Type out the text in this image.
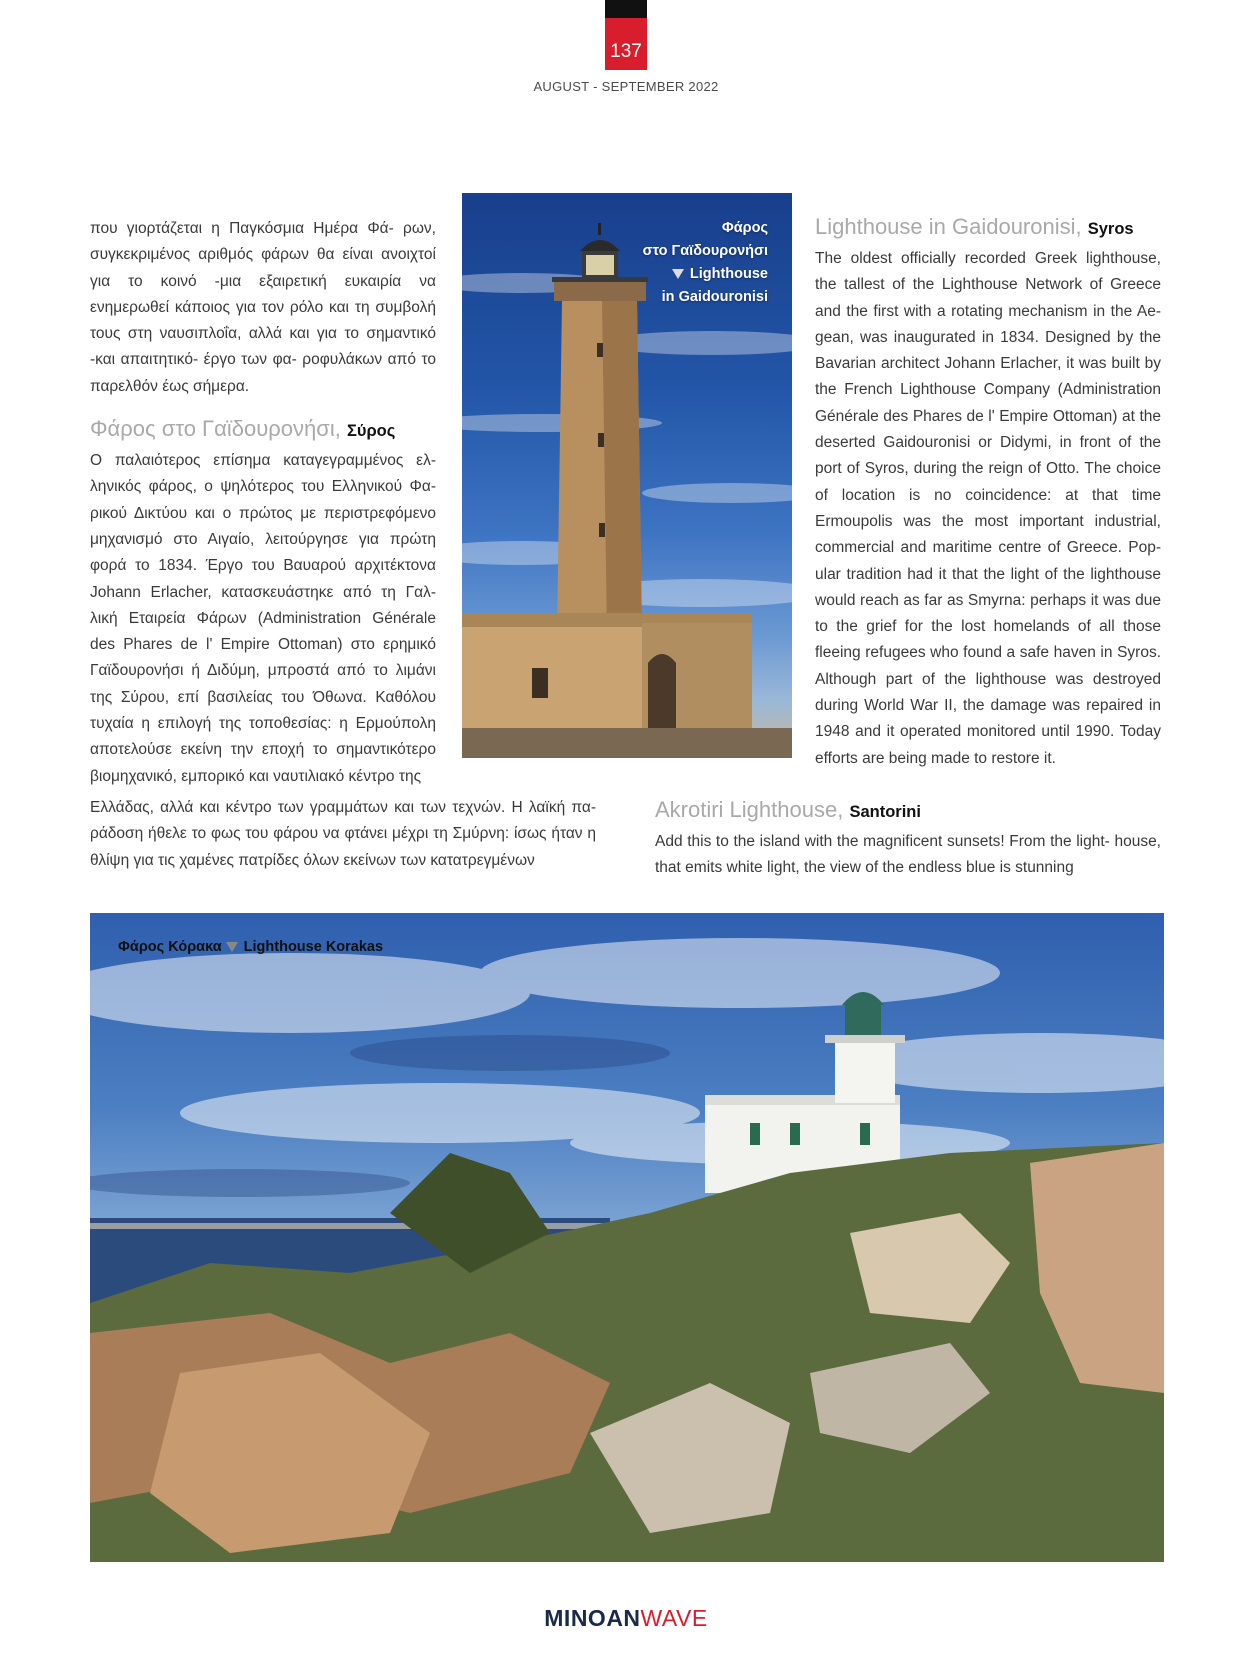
137
AUGUST - SEPTEMBER 2022

που γιορτάζεται η Παγκόσμια Ημέρα Φά- ρων, συγκεκριμένος αριθμός φάρων θα είναι ανοιχτοί για το κοινό -μια εξαιρετική ευκαιρία να ενημερωθεί κάποιος για τον ρόλο και τη συμβολή τους στη ναυσιπλοΐα, αλλά και για το σημαντικό -και απαιτητικό- έργο των φα- ροφυλάκων από το παρελθόν έως σήμερα.

Φάρος στο Γαϊδουρονήσι, Σύρος

Ο παλαιότερος επίσημα καταγεγραμμένος ελ- ληνικός φάρος, ο ψηλότερος του Ελληνικού Φα- ρικού Δικτύου και ο πρώτος με περιστρεφόμενο μηχανισμό στο Αιγαίο, λειτούργησε για πρώτη φορά το 1834. Έργο του Βαυαρού αρχιτέκτονα Johann Erlacher, κατασκευάστηκε από τη Γαλ- λική Εταιρεία Φάρων (Administration Générale des Phares de l' Empire Ottoman) στο ερημικό Γαϊδουρονήσι ή Διδύμη, μπροστά από το λιμάνι της Σύρου, επί βασιλείας του Όθωνα. Καθόλου τυχαία η επιλογή της τοποθεσίας: η Ερμούπολη αποτελούσε εκείνη την εποχή το σημαντικότερο βιομηχανικό, εμπορικό και ναυτιλιακό κέντρο της

Ελλάδας, αλλά και κέντρο των γραμμάτων και των τεχνών. Η λαϊκή πα- ράδοση ήθελε το φως του φάρου να φτάνει μέχρι τη Σμύρνη: ίσως ήταν η θλίψη για τις χαμένες πατρίδες όλων εκείνων των κατατρεγμένων

Φάρος
στο Γαϊδουρονήσι
Lighthouse
in Gaidouronisi
Lighthouse in Gaidouronisi, Syros

The oldest officially recorded Greek lighthouse, the tallest of the Lighthouse Network of Greece and the first with a rotating mechanism in the Ae- gean, was inaugurated in 1834. Designed by the Bavarian architect Johann Erlacher, it was built by the French Lighthouse Company (Administration Générale des Phares de l' Empire Ottoman) at the deserted Gaidouronisi or Didymi, in front of the port of Syros, during the reign of Otto. The choice of location is no coincidence: at that time Ermoupolis was the most important industrial, commercial and maritime centre of Greece. Pop- ular tradition had it that the light of the lighthouse would reach as far as Smyrna: perhaps it was due to the grief for the lost homelands of all those fleeing refugees who found a safe haven in Syros. Although part of the lighthouse was destroyed during World War II, the damage was repaired in 1948 and it operated monitored until 1990. Today efforts are being made to restore it.

Akrotiri Lighthouse, Santorini

Add this to the island with the magnificent sunsets! From the light- house, that emits white light, the view of the endless blue is stunning

Φάρος Κόρακα Lighthouse Korakas
MINOANWAVE
